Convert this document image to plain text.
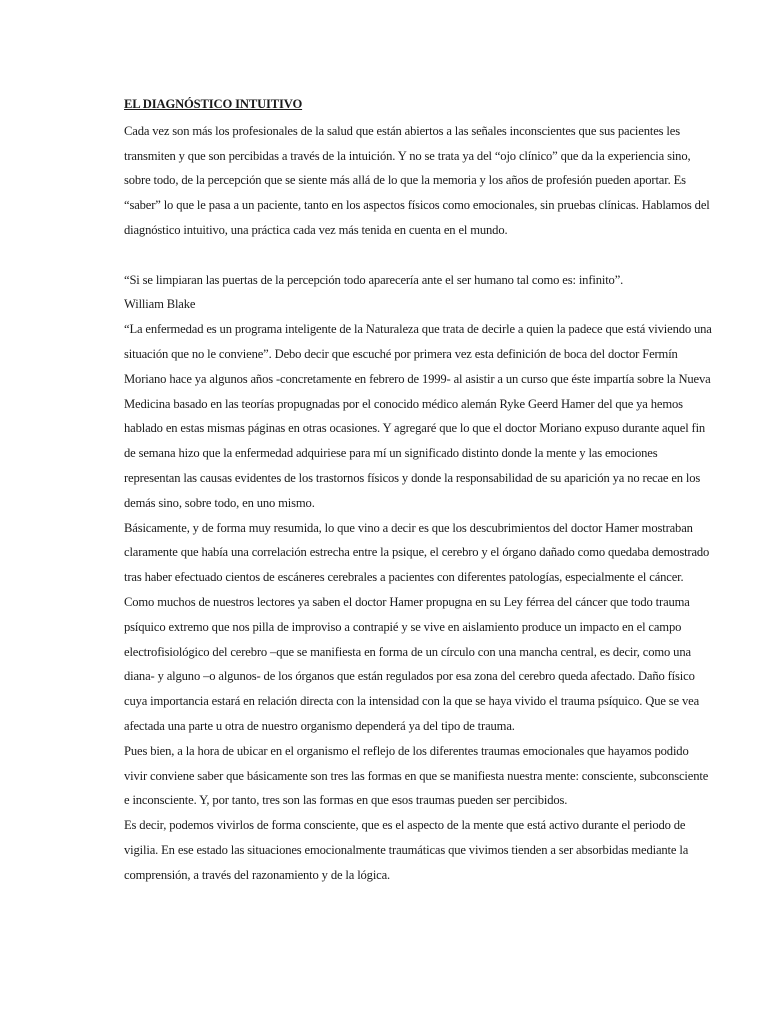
EL DIAGNÓSTICO INTUITIVO

Cada vez son más los profesionales de la salud que están abiertos a las señales inconscientes que sus pacientes les transmiten y que son percibidas a través de la intuición. Y no se trata ya del “ojo clínico” que da la experiencia sino, sobre todo, de la percepción que se siente más allá de lo que la memoria y los años de profesión pueden aportar. Es “saber” lo que le pasa a un paciente, tanto en los aspectos físicos como emocionales, sin pruebas clínicas. Hablamos del diagnóstico intuitivo, una práctica cada vez más tenida en cuenta en el mundo.

“Si se limpiaran las puertas de la percepción todo aparecería ante el ser humano tal como es: infinito”.

William Blake

“La enfermedad es un programa inteligente de la Naturaleza que trata de decirle a quien la padece que está viviendo una situación que no le conviene”. Debo decir que escuché por primera vez esta definición de boca del doctor Fermín Moriano hace ya algunos años -concretamente en febrero de 1999- al asistir a un curso que éste impartía sobre la Nueva Medicina basado en las teorías propugnadas por el conocido médico alemán Ryke Geerd Hamer del que ya hemos hablado en estas mismas páginas en otras ocasiones. Y agregaré que lo que el doctor Moriano expuso durante aquel fin de semana hizo que la enfermedad adquiriese para mí un significado distinto donde la mente y las emociones representan las causas evidentes de los trastornos físicos y donde la responsabilidad de su aparición ya no recae en los demás sino, sobre todo, en uno mismo.

Básicamente, y de forma muy resumida, lo que vino a decir es que los descubrimientos del doctor Hamer mostraban claramente que había una correlación estrecha entre la psique, el cerebro y el órgano dañado como quedaba demostrado tras haber efectuado cientos de escáneres cerebrales a pacientes con diferentes patologías, especialmente el cáncer.

Como muchos de nuestros lectores ya saben el doctor Hamer propugna en su Ley férrea del cáncer que todo trauma psíquico extremo que nos pilla de improviso a contrapié y se vive en aislamiento produce un impacto en el campo electrofisiológico del cerebro –que se manifiesta en forma de un círculo con una mancha central, es decir, como una diana- y alguno –o algunos- de los órganos que están regulados por esa zona del cerebro queda afectado. Daño físico cuya importancia estará en relación directa con la intensidad con la que se haya vivido el trauma psíquico. Que se vea afectada una parte u otra de nuestro organismo dependerá ya del tipo de trauma.

Pues bien, a la hora de ubicar en el organismo el reflejo de los diferentes traumas emocionales que hayamos podido vivir conviene saber que básicamente son tres las formas en que se manifiesta nuestra mente: consciente, subconsciente e inconsciente. Y, por tanto, tres son las formas en que esos traumas pueden ser percibidos.

Es decir, podemos vivirlos de forma consciente, que es el aspecto de la mente que está activo durante el periodo de vigilia. En ese estado las situaciones emocionalmente traumáticas que vivimos tienden a ser absorbidas mediante la comprensión, a través del razonamiento y de la lógica.
